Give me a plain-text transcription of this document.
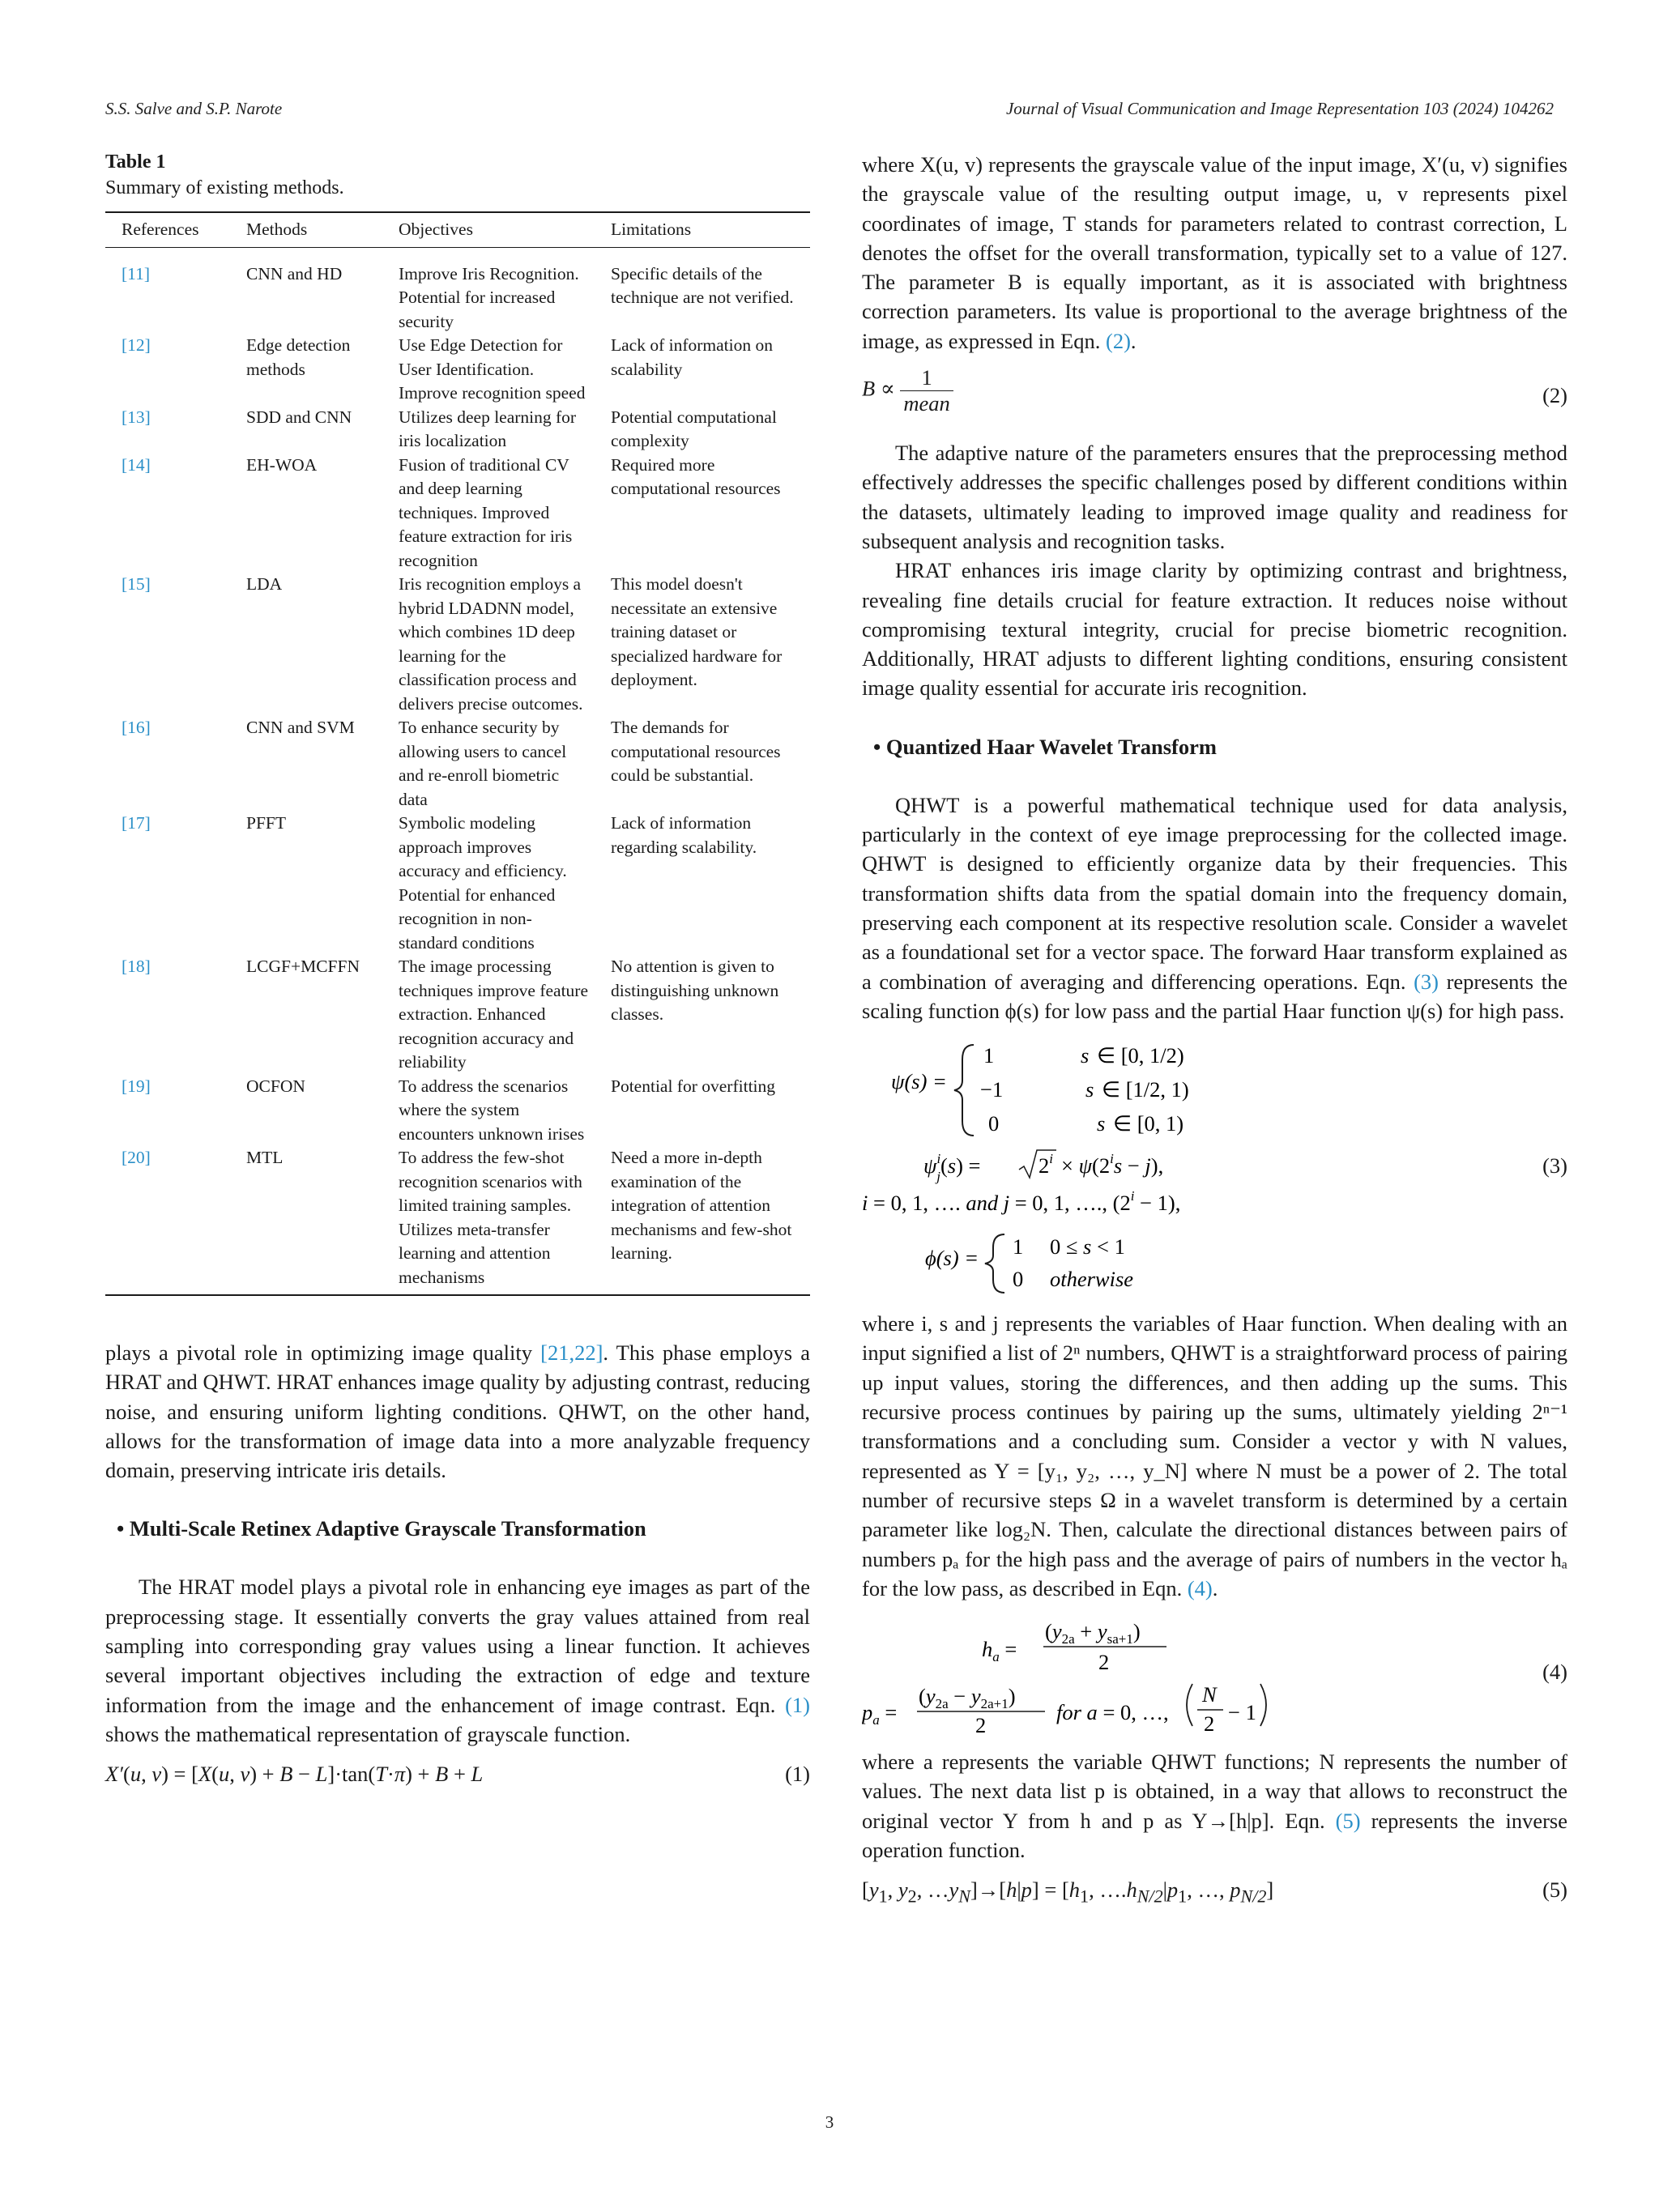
S.S. Salve and S.P. Narote	Journal of Visual Communication and Image Representation 103 (2024) 104262

Table 1

Summary of existing methods.

References	Methods	Objectives	Limitations
[11]	CNN and HD	Improve Iris Recognition. Potential for increased security	Specific details of the technique are not verified.
[12]	Edge detection methods	Use Edge Detection for User Identification. Improve recognition speed	Lack of information on scalability
[13]	SDD and CNN	Utilizes deep learning for iris localization	Potential computational complexity
[14]	EH-WOA	Fusion of traditional CV and deep learning techniques. Improved feature extraction for iris recognition	Required more computational resources
[15]	LDA	Iris recognition employs a hybrid LDADNN model, which combines 1D deep learning for the classification process and delivers precise outcomes.	This model doesn't necessitate an extensive training dataset or specialized hardware for deployment.
[16]	CNN and SVM	To enhance security by allowing users to cancel and re-enroll biometric data	The demands for computational resources could be substantial.
[17]	PFFT	Symbolic modeling approach improves accuracy and efficiency. Potential for enhanced recognition in non-standard conditions	Lack of information regarding scalability.
[18]	LCGF+MCFFN	The image processing techniques improve feature extraction. Enhanced recognition accuracy and reliability	No attention is given to distinguishing unknown classes.
[19]	OCFON	To address the scenarios where the system encounters unknown irises	Potential for overfitting
[20]	MTL	To address the few-shot recognition scenarios with limited training samples. Utilizes meta-transfer learning and attention mechanisms	Need a more in-depth examination of the integration of attention mechanisms and few-shot learning.

plays a pivotal role in optimizing image quality [21,22]. This phase employs a HRAT and QHWT. HRAT enhances image quality by adjusting contrast, reducing noise, and ensuring uniform lighting conditions. QHWT, on the other hand, allows for the transformation of image data into a more analyzable frequency domain, preserving intricate iris details.

• Multi-Scale Retinex Adaptive Grayscale Transformation

The HRAT model plays a pivotal role in enhancing eye images as part of the preprocessing stage. It essentially converts the gray values attained from real sampling into corresponding gray values using a linear function. It achieves several important objectives including the extraction of edge and texture information from the image and the enhancement of image contrast. Eqn. (1) shows the mathematical representation of grayscale function.

X′(u, v) = [X(u, v) + B − L]·tan(T·π) + B + L	(1)

where X(u, v) represents the grayscale value of the input image, X′(u, v) signifies the grayscale value of the resulting output image, u, v represents pixel coordinates of image, T stands for parameters related to contrast correction, L denotes the offset for the overall transformation, typically set to a value of 127. The parameter B is equally important, as it is associated with brightness correction parameters. Its value is proportional to the average brightness of the image, as expressed in Eqn. (2).

$B \propto \frac{1}{\text{mean}}$	(2)

The adaptive nature of the parameters ensures that the preprocessing method effectively addresses the specific challenges posed by different conditions within the datasets, ultimately leading to improved image quality and readiness for subsequent analysis and recognition tasks.

HRAT enhances iris image clarity by optimizing contrast and brightness, revealing fine details crucial for feature extraction. It reduces noise without compromising textural integrity, crucial for precise biometric recognition. Additionally, HRAT adjusts to different lighting conditions, ensuring consistent image quality essential for accurate iris recognition.

• Quantized Haar Wavelet Transform

QHWT is a powerful mathematical technique used for data analysis, particularly in the context of eye image preprocessing for the collected image. QHWT is designed to efficiently organize data by their frequencies. This transformation shifts data from the spatial domain into the frequency domain, preserving each component at its respective resolution scale. Consider a wavelet as a foundational set for a vector space. The forward Haar transform explained as a combination of averaging and differencing operations. Eqn. (3) represents the scaling function ϕ(s) for low pass and the partial Haar function ψ(s) for high pass.

ψ(s) =
1	s ∈ [0, 1/2)
−1	s ∈ [1/2, 1)
0	s ∈ [0, 1)
$\psi^i$ j(s) =	$2^i \times \psi(2^is - j)$,
i = 0, 1, …. and j = 0, 1, …., $(2^i - 1)$,
ϕ(s) = 1 0 ≤ s < 1
0 otherwise
(3)

where i, s and j represents the variables of Haar function. When dealing with an input signified a list of 2ⁿ numbers, QHWT is a straightforward process of pairing up input values, storing the differences, and then adding up the sums. This recursive process continues by pairing up the sums, ultimately yielding 2ⁿ⁻¹ transformations and a concluding sum. Consider a vector y with N values, represented as Y = [y₁, y₂, …, y_N] where N must be a power of 2. The total number of recursive steps Ω in a wavelet transform is determined by a certain parameter like log₂N. Then, calculate the directional distances between pairs of numbers pₐ for the high pass and the average of pairs of numbers in the vector hₐ for the low pass, as described in Eqn. (4).

$h_a$ =
$(y_{2a} + y_{sa+1})$
2
$p_a$ =
$(y_{2a} - y_{2a+1})$
2
for a = 0, …,
N
2 − 1
(4)

where a represents the variable QHWT functions; N represents the number of values. The next data list p is obtained, in a way that allows to reconstruct the original vector Y from h and p as Y→[h|p]. Eqn. (5) represents the inverse operation function.

[$y_1$, $y_2$, $\dots y_N]\to[h|p] = [h_1$, $\dots.h_{N/2}|p_1$, …, $p_{N/2}$]	(5)
3
